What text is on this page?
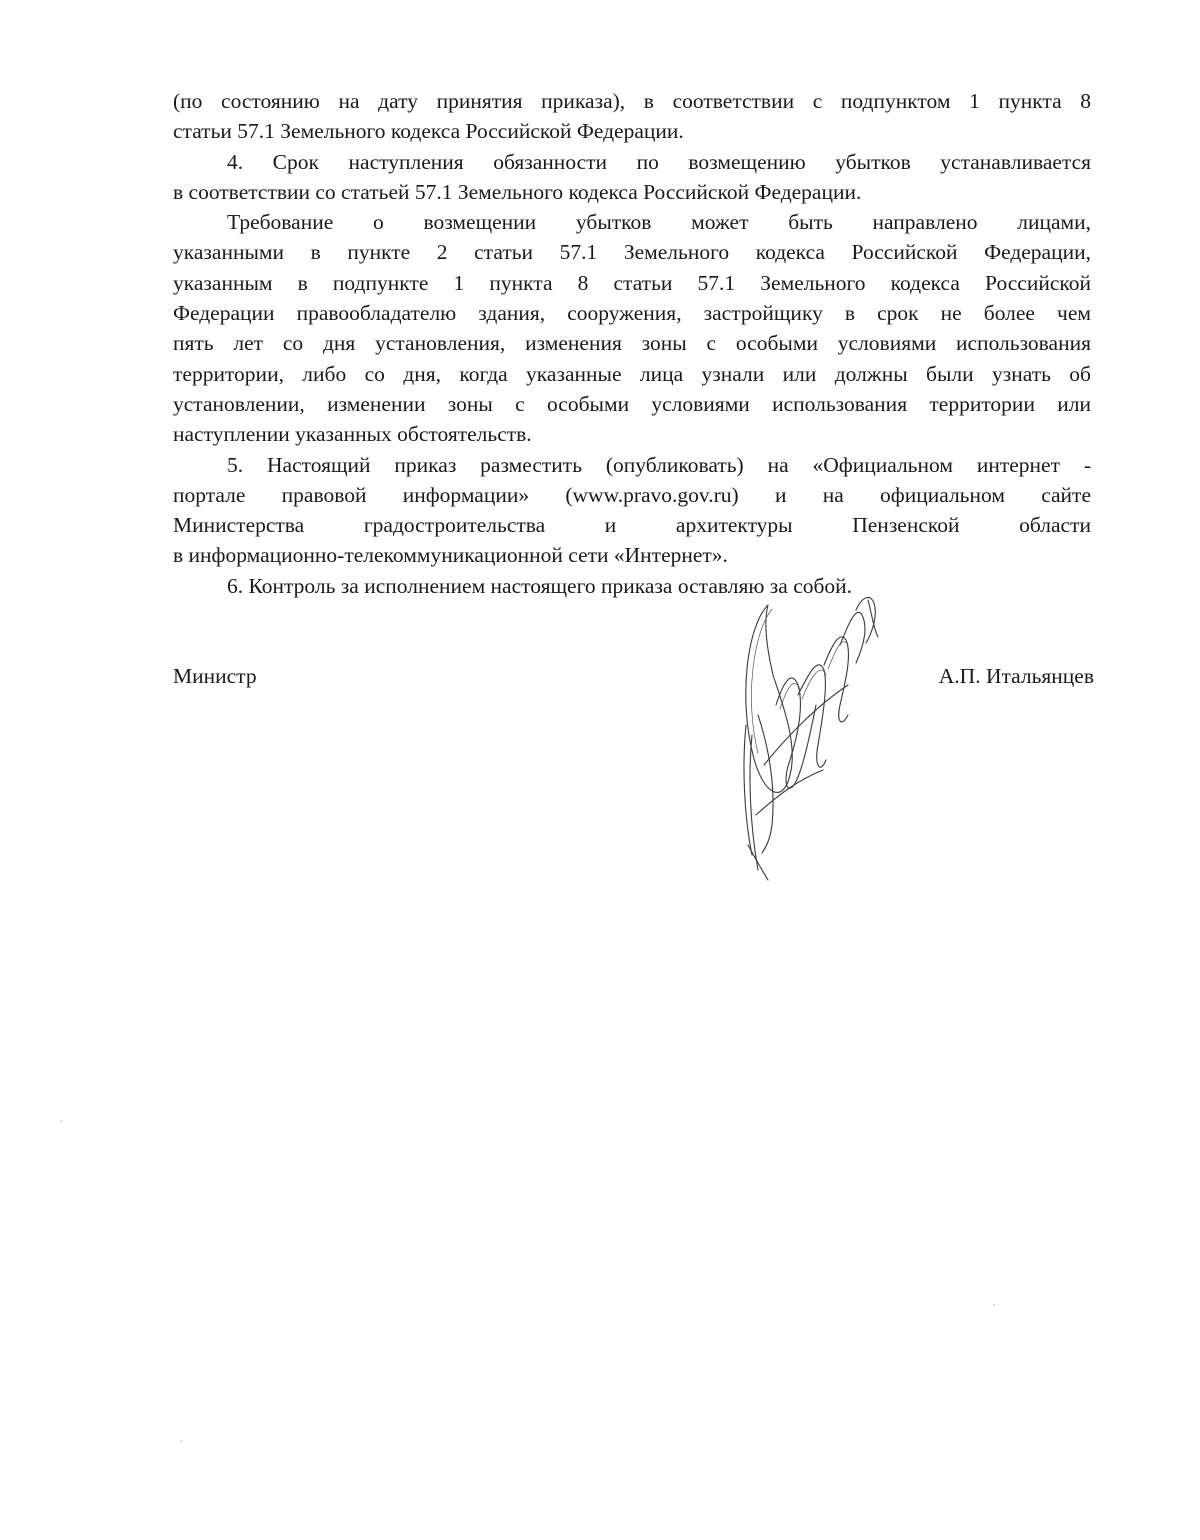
(по состоянию на дату принятия приказа), в соответствии с подпунктом 1 пункта 8
статьи 57.1 Земельного кодекса Российской Федерации.

4. Срок наступления обязанности по возмещению убытков устанавливается
в соответствии со статьей 57.1 Земельного кодекса Российской Федерации.

Требование о возмещении убытков может быть направлено лицами,
указанными в пункте 2 статьи 57.1 Земельного кодекса Российской Федерации,
указанным в подпункте 1 пункта 8 статьи 57.1 Земельного кодекса Российской
Федерации правообладателю здания, сооружения, застройщику в срок не более чем
пять лет со дня установления, изменения зоны с особыми условиями использования
территории, либо со дня, когда указанные лица узнали или должны были узнать об
установлении, изменении зоны с особыми условиями использования территории или
наступлении указанных обстоятельств.

5. Настоящий приказ разместить (опубликовать) на «Официальном интернет -
портале правовой информации» (www.pravo.gov.ru) и на официальном сайте
Министерства градостроительства и архитектуры Пензенской области
в информационно-телекоммуникационной сети «Интернет».

6. Контроль за исполнением настоящего приказа оставляю за собой.

Министр	А.П. Итальянцев
